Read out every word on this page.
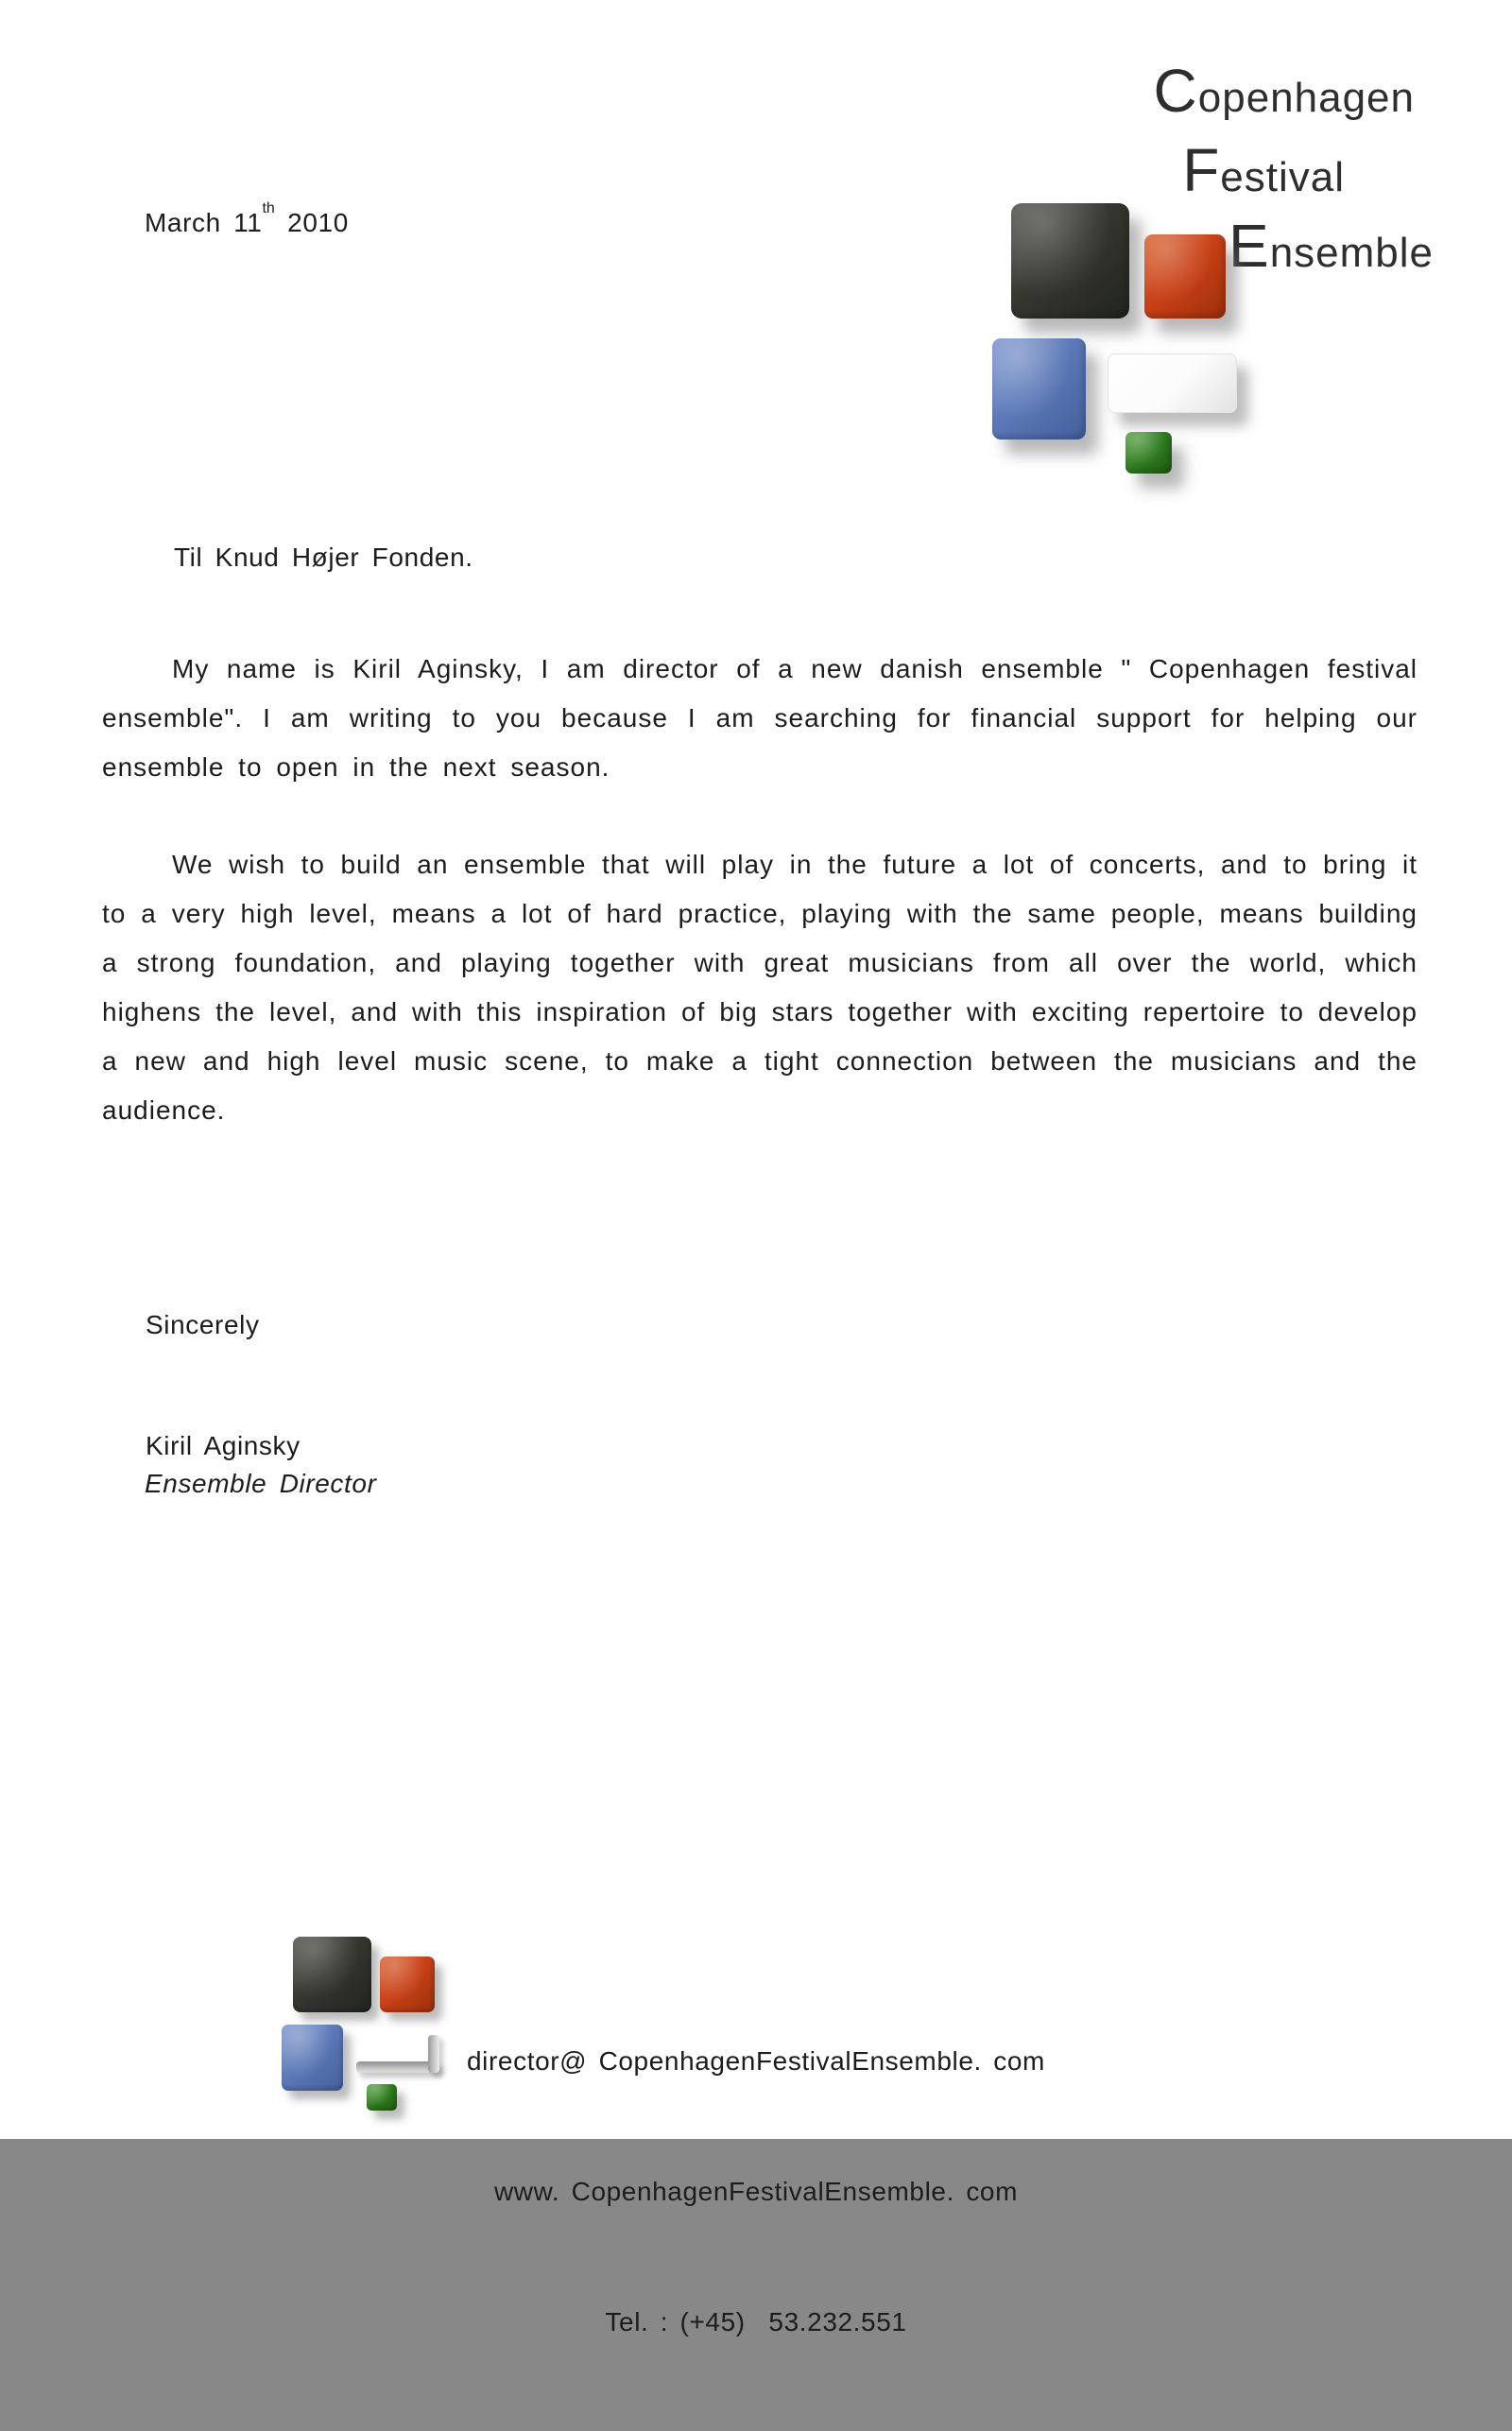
Copenhagen
Festival
Ensemble
March 11th 2010
Til Knud Højer Fonden.
My name is Kiril Aginsky, I am director of a new danish ensemble " Copenhagen festival ensemble". I am writing to you because I am searching for financial support for helping our ensemble to open in the next season.
We wish to build an ensemble that will play in the future a lot of concerts, and to bring it to a very high level, means a lot of hard practice, playing with the same people, means building a strong foundation, and playing together with great musicians from all over the world, which highens the level, and with this inspiration of big stars together with exciting repertoire to develop a new and high level music scene, to make a tight connection between the musicians and the audience.
Sincerely
Kiril Aginsky
Ensemble Director

director@ CopenhagenFestivalEnsemble. com

www. CopenhagenFestivalEnsemble. com

Tel. : (+45)  53.232.551
